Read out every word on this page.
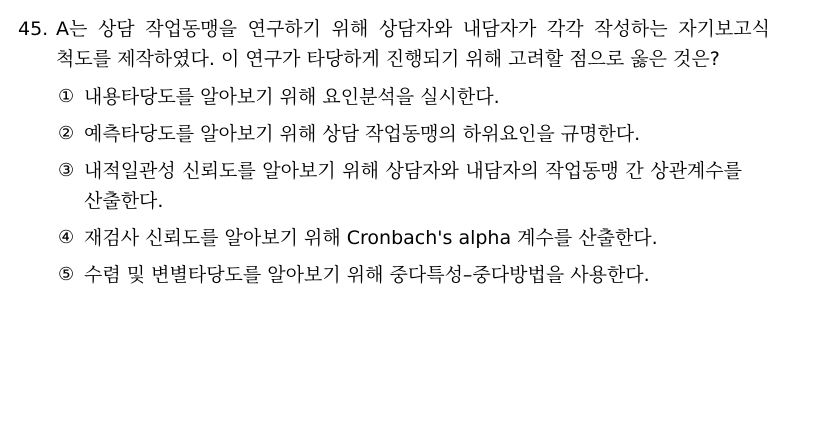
45. A는 상담 작업동맹을 연구하기 위해 상담자와 내담자가 각각 작성하는 자기보고식 척도를 제작하였다. 이 연구가 타당하게 진행되기 위해 고려할 점으로 옳은 것은?
① 내용타당도를 알아보기 위해 요인분석을 실시한다.
② 예측타당도를 알아보기 위해 상담 작업동맹의 하위요인을 규명한다.
③ 내적일관성 신뢰도를 알아보기 위해 상담자와 내담자의 작업동맹 간 상관계수를 산출한다.
④ 재검사 신뢰도를 알아보기 위해 Cronbach's alpha 계수를 산출한다.
⑤ 수렴 및 변별타당도를 알아보기 위해 중다특성–중다방법을 사용한다.
